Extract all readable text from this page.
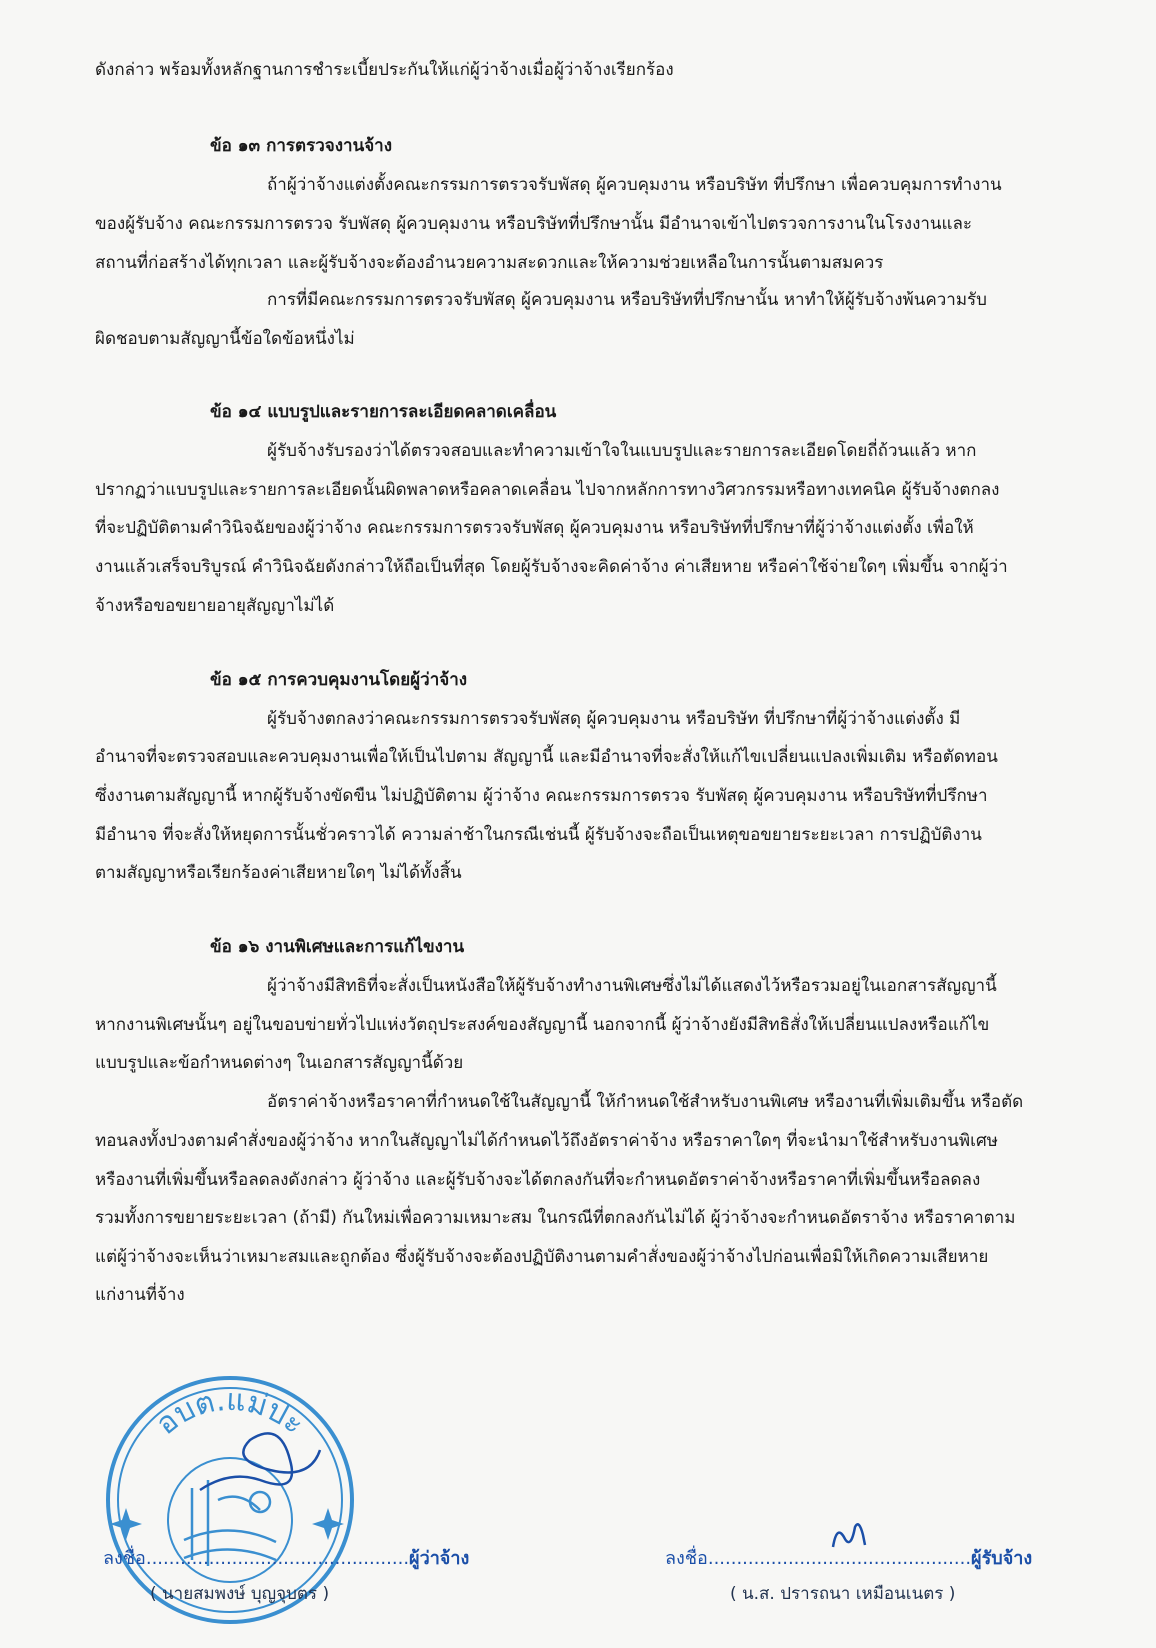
ดังกล่าว พร้อมทั้งหลักฐานการชำระเบี้ยประกันให้แก่ผู้ว่าจ้างเมื่อผู้ว่าจ้างเรียกร้อง
ข้อ ๑๓ การตรวจงานจ้าง
ถ้าผู้ว่าจ้างแต่งตั้งคณะกรรมการตรวจรับพัสดุ ผู้ควบคุมงาน หรือบริษัท ที่ปรึกษา เพื่อควบคุมการทำงาน
ของผู้รับจ้าง คณะกรรมการตรวจ รับพัสดุ ผู้ควบคุมงาน หรือบริษัทที่ปรึกษานั้น มีอำนาจเข้าไปตรวจการงานในโรงงานและ
สถานที่ก่อสร้างได้ทุกเวลา และผู้รับจ้างจะต้องอำนวยความสะดวกและให้ความช่วยเหลือในการนั้นตามสมควร
การที่มีคณะกรรมการตรวจรับพัสดุ ผู้ควบคุมงาน หรือบริษัทที่ปรึกษานั้น หาทำให้ผู้รับจ้างพ้นความรับ
ผิดชอบตามสัญญานี้ข้อใดข้อหนึ่งไม่
ข้อ ๑๔ แบบรูปและรายการละเอียดคลาดเคลื่อน
ผู้รับจ้างรับรองว่าได้ตรวจสอบและทำความเข้าใจในแบบรูปและรายการละเอียดโดยถี่ถ้วนแล้ว หาก
ปรากฏว่าแบบรูปและรายการละเอียดนั้นผิดพลาดหรือคลาดเคลื่อน ไปจากหลักการทางวิศวกรรมหรือทางเทคนิค ผู้รับจ้างตกลง
ที่จะปฏิบัติตามคำวินิจฉัยของผู้ว่าจ้าง คณะกรรมการตรวจรับพัสดุ ผู้ควบคุมงาน หรือบริษัทที่ปรึกษาที่ผู้ว่าจ้างแต่งตั้ง เพื่อให้
งานแล้วเสร็จบริบูรณ์ คำวินิจฉัยดังกล่าวให้ถือเป็นที่สุด โดยผู้รับจ้างจะคิดค่าจ้าง ค่าเสียหาย หรือค่าใช้จ่ายใดๆ เพิ่มขึ้น จากผู้ว่า
จ้างหรือขอขยายอายุสัญญาไม่ได้
ข้อ ๑๕ การควบคุมงานโดยผู้ว่าจ้าง
ผู้รับจ้างตกลงว่าคณะกรรมการตรวจรับพัสดุ ผู้ควบคุมงาน หรือบริษัท ที่ปรึกษาที่ผู้ว่าจ้างแต่งตั้ง มี
อำนาจที่จะตรวจสอบและควบคุมงานเพื่อให้เป็นไปตาม สัญญานี้ และมีอำนาจที่จะสั่งให้แก้ไขเปลี่ยนแปลงเพิ่มเติม หรือตัดทอน
ซึ่งงานตามสัญญานี้ หากผู้รับจ้างขัดขืน ไม่ปฏิบัติตาม ผู้ว่าจ้าง คณะกรรมการตรวจ รับพัสดุ ผู้ควบคุมงาน หรือบริษัทที่ปรึกษา
มีอำนาจ ที่จะสั่งให้หยุดการนั้นชั่วคราวได้ ความล่าช้าในกรณีเช่นนี้ ผู้รับจ้างจะถือเป็นเหตุขอขยายระยะเวลา การปฏิบัติงาน
ตามสัญญาหรือเรียกร้องค่าเสียหายใดๆ ไม่ได้ทั้งสิ้น
ข้อ ๑๖ งานพิเศษและการแก้ไขงาน
ผู้ว่าจ้างมีสิทธิที่จะสั่งเป็นหนังสือให้ผู้รับจ้างทำงานพิเศษซึ่งไม่ได้แสดงไว้หรือรวมอยู่ในเอกสารสัญญานี้
หากงานพิเศษนั้นๆ อยู่ในขอบข่ายทั่วไปแห่งวัตถุประสงค์ของสัญญานี้ นอกจากนี้ ผู้ว่าจ้างยังมีสิทธิสั่งให้เปลี่ยนแปลงหรือแก้ไข
แบบรูปและข้อกำหนดต่างๆ ในเอกสารสัญญานี้ด้วย
อัตราค่าจ้างหรือราคาที่กำหนดใช้ในสัญญานี้ ให้กำหนดใช้สำหรับงานพิเศษ หรืองานที่เพิ่มเติมขึ้น หรือตัด
ทอนลงทั้งปวงตามคำสั่งของผู้ว่าจ้าง หากในสัญญาไม่ได้กำหนดไว้ถึงอัตราค่าจ้าง หรือราคาใดๆ ที่จะนำมาใช้สำหรับงานพิเศษ
หรืองานที่เพิ่มขึ้นหรือลดลงดังกล่าว ผู้ว่าจ้าง และผู้รับจ้างจะได้ตกลงกันที่จะกำหนดอัตราค่าจ้างหรือราคาที่เพิ่มขึ้นหรือลดลง
รวมทั้งการขยายระยะเวลา (ถ้ามี) กันใหม่เพื่อความเหมาะสม ในกรณีที่ตกลงกันไม่ได้ ผู้ว่าจ้างจะกำหนดอัตราจ้าง หรือราคาตาม
แต่ผู้ว่าจ้างจะเห็นว่าเหมาะสมและถูกต้อง ซึ่งผู้รับจ้างจะต้องปฏิบัติงานตามคำสั่งของผู้ว่าจ้างไปก่อนเพื่อมิให้เกิดความเสียหาย
แก่งานที่จ้าง
อบต.แม่ปะ
ลงชื่อ..............................................ผู้ว่าจ้าง
( นายสมพงษ์ บุญจุบตร )
ลงชื่อ..............................................ผู้รับจ้าง
( น.ส. ปรารถนา เหมือนเนตร )
